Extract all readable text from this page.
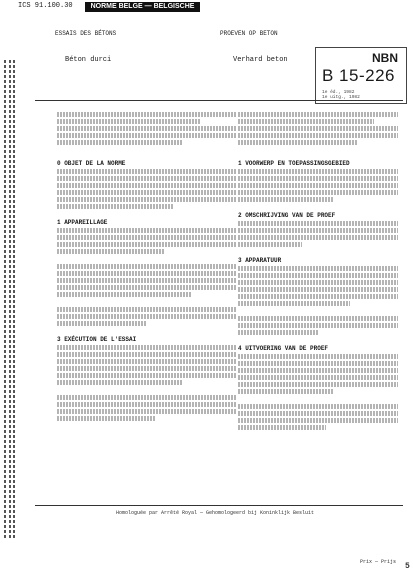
ICS 91.100.30	NORME BELGE — BELGISCHE NORM
ESSAIS DES BÉTONS
Béton durci
PROEVEN OP BETON
Verhard beton	NBN
B 15-226
1e éd., 1982
1e uitg., 1982
0 OBJET DE LA NORME
1 APPAREILLAGE
3 EXÉCUTION DE L'ESSAI
1 VOORWERP EN TOEPASSINGSGEBIED
2 OMSCHRIJVING VAN DE PROEF
3 APPARATUUR
4 UITVOERING VAN DE PROEF
Homologuée par Arrêté Royal — Gehomologeerd bij Koninklijk Besluit
Prix — Prijs 5
